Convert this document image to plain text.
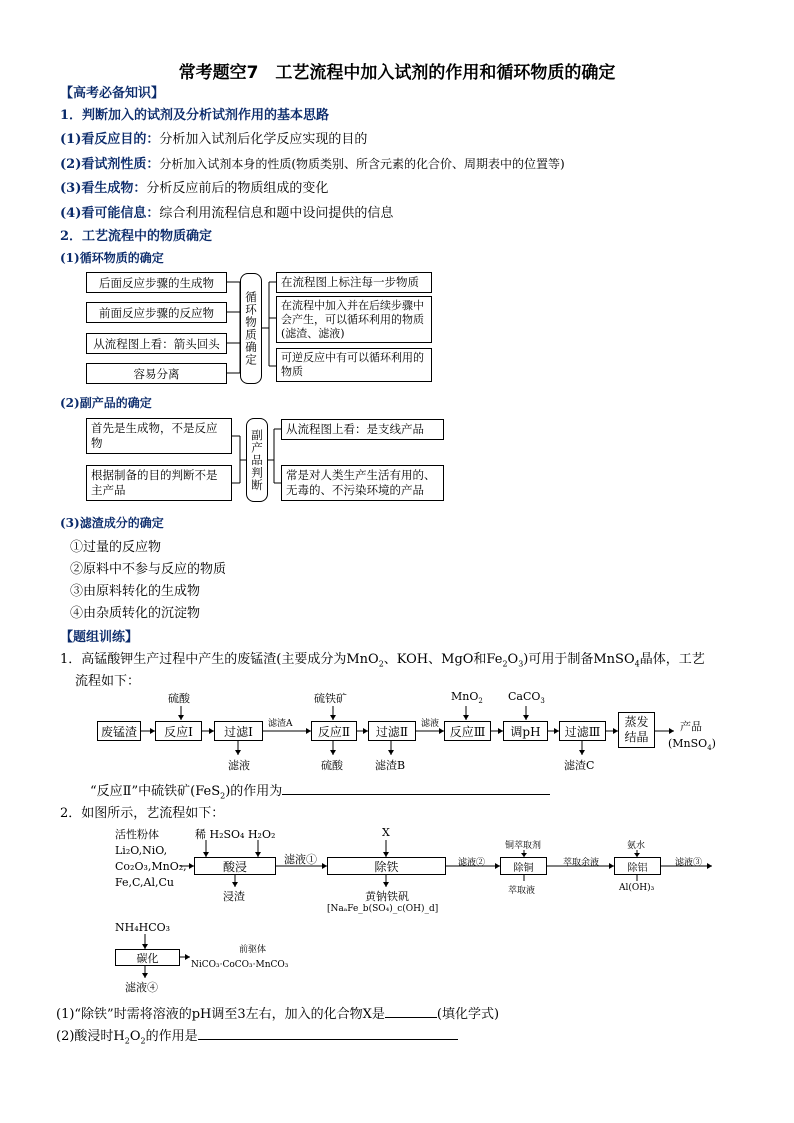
常考题空7　工艺流程中加入试剂的作用和循环物质的确定
【高考必备知识】
1．判断加入的试剂及分析试剂作用的基本思路
(1)看反应目的：分析加入试剂后化学反应实现的目的
(2)看试剂性质：分析加入试剂本身的性质(物质类别、所含元素的化合价、周期表中的位置等)
(3)看生成物：分析反应前后的物质组成的变化
(4)看可能信息：综合利用流程信息和题中设问提供的信息
2．工艺流程中的物质确定
(1)循环物质的确定
后面反应步骤的生成物
前面反应步骤的反应物
从流程图上看：箭头回头
容易分离
循环物质确定
在流程图上标注每一步物质
在流程中加入并在后续步骤中会产生，可以循环利用的物质(滤渣、滤液)
可逆反应中有可以循环利用的物质
(2)副产品的确定
首先是生成物，不是反应物
根据制备的目的判断不是主产品	副产品判断	从流程图上看：是支线产品
常是对人类生产生活有用的、无毒的、不污染环境的产品
(3)滤渣成分的确定
①过量的反应物
②原料中不参与反应的物质
③由原料转化的生成物
④由杂质转化的沉淀物
【题组训练】
1．高锰酸钾生产过程中产生的废锰渣(主要成分为MnO$_2$、KOH、MgO和$Fe_2O_3$)可用于制备MnSO$_4$晶体，工艺
流程如下：
硫酸	硫铁矿	MnO$_2$ CaCO$_3$
废锰渣	反应Ⅰ	过滤Ⅰ
滤渣A
反应Ⅱ	过滤Ⅱ
滤液
反应Ⅲ	调pH	过滤Ⅲ
蒸发结晶
产品
(MnSO$_4$)
滤液	硫酸	滤渣B	滤渣C
“反应Ⅱ”中硫铁矿(FeS$_2$)的作用为
2．如图所示，艺流程如下：
活性粉体
Li₂O,NiO,
Co₂O₃,MnO₂,
Fe,C,Al,Cu
稀 H₂SO₄ H₂O₂
酸浸
浸渣
滤液①
X
除铁
黄钠铁矾
[NaₐFe_b(SO₄)_c(OH)_d]
滤液②
铜萃取剂
除铜
萃取液
萃取余液
氨水
除铝
Al(OH)₃
滤液③
NH₄HCO₃
碳化
前驱体
NiCO₃·CoCO₃·MnCO₃
滤液④
(1)“除铁”时需将溶液的pH调至3左右，加入的化合物X是	(填化学式)
(2)酸浸时$H_2O_2$的作用是
